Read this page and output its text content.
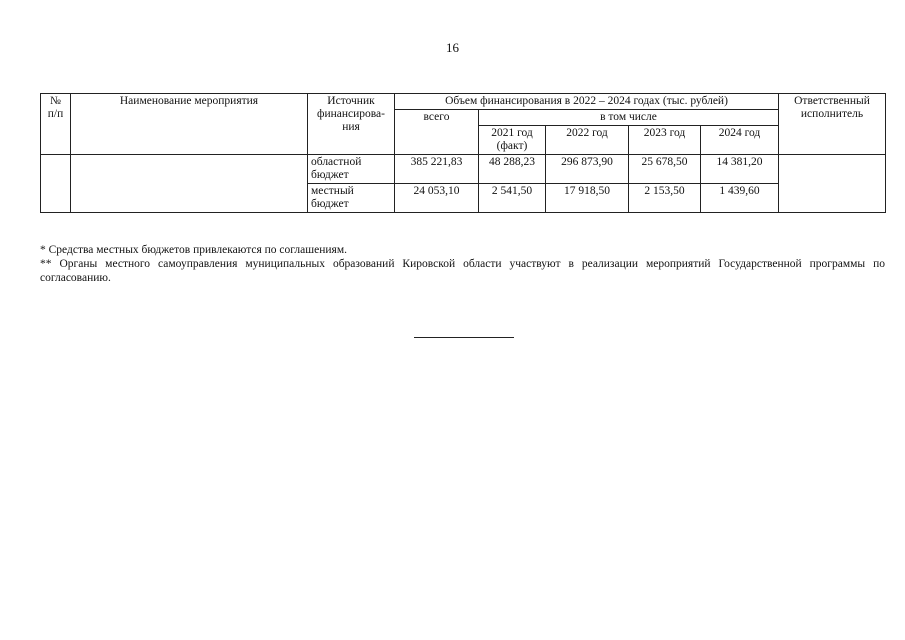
16
№ п/п	Наименование мероприятия	Источник финансирова-ния	Объем финансирования в 2022 – 2024 годах (тыс. рублей)					Ответственный исполнитель
			всего	в том числе				
				2021 год (факт)	2022 год	2023 год	2024 год	
		областной бюджет	385 221,83	48 288,23	296 873,90	25 678,50	14 381,20	
		местный бюджет	24 053,10	2 541,50	17 918,50	2 153,50	1 439,60	

* Средства местных бюджетов привлекаются по соглашениям.

** Органы местного самоуправления муниципальных образований Кировской области участвуют в реализации мероприятий Государственной программы по согласованию.
